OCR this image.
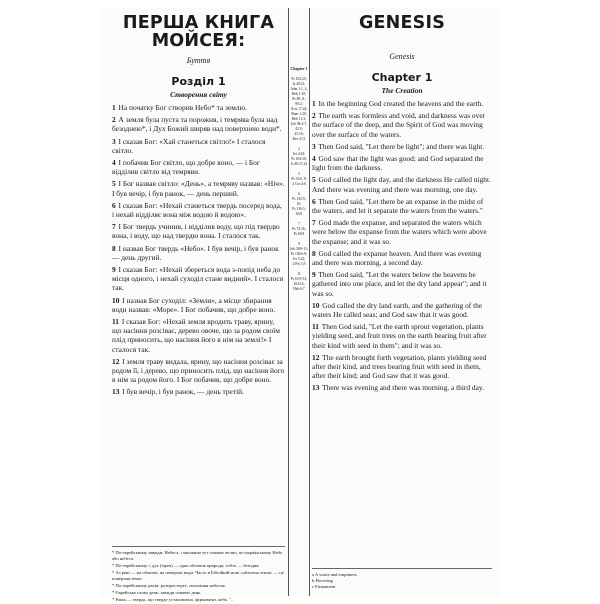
ПЕРША КНИГА МОЙСЕЯ:
Буття
Розділ 1
Створення світу

1 На початку Бог створив Небо* та землю.

2 А земля була пуста та порожня, і темрява була над безоднею*, і Дух Божий ширяв над поверхнею води*.

3 І сказав Бог: «Хай станеться світло!» І сталося світло.

4 І побачив Бог світло, що добре воно, — і Бог відділив світло від темряви.

5 І Бог назвав світло: «День», а темряву назвав: «Ніч». І був вечір, і був ранок, — день перший.

6 І сказав Бог: «Нехай станеться твердь посеред вода, і нехай відділяє вона між водою й водою».

7 І Бог твердь учинив, і відділив воду, що під твердю вона, і воду, що над твердю вона. І сталося так.

8 І назвав Бог твердь «Небо». І був вечір, і був ранок — день другий.

9 І сказав Бог: «Нехай збереться вода з-попід неба до місця одного, і нехай суходіл стане видний». І сталося так.

10 І назвав Бог суходіл: «Земля», а місце збирання води назвав: «Море». І Бог побачив, що добре воно.

11 І сказав Бог: «Нехай земля вродить траву, ярину, що насіння розсіває, дерево овоче, що за родом своїм плід приносить, що насіння його в нім на землі!» І сталося так.

12 І земля траву видала, ярину, що насіння розсіває за родом її, і дерево, що приносить плід, що насіння його в нім за родом його. І Бог побачив, що добре воно.

13 І був вечір, і був ранок, — день третій.

Chapter 1
Ps 102:25;
Is 40:21;
John 1:1, 2;
Heb 1:10;
Ps 89:11;
90:2;
Acts 17:24;
Rom 1:20;
Heb 11:3;
Job 38:4-7;
42:5;
45:18;
Rev 4:11

2
Jer 4:23;
Ps 104:30;
Is 40:13,14

3
Ps 33:6, 9;
2 Cor 4:6

6
Ps 145:9;
10;
Ps 136:5;
65:8

7
Ps 74:16;
Ps 65:8

9
Job 38:8-11;
Ps 104:6-9;
Jer 5:22;
2 Pet 3:5

11
Ps 65:9-13;
104:14;
Heb 6:7
GENESIS
Genesis
Chapter 1
The Creation

1 In the beginning God created the heavens and the earth.

2 The earth was formless and void, and darkness was over the surface of the deep, and the Spirit of God was moving over the surface of the waters.

3 Then God said, "Let there be light"; and there was light.

4 God saw that the light was good; and God separated the light from the darkness.

5 God called the light day, and the darkness He called night. And there was evening and there was morning, one day.

6 Then God said, "Let there be an expanse in the midst of the waters, and let it separate the waters from the waters."

7 God made the expanse, and separated the waters which were below the expanse from the waters which were above the expanse; and it was so.

8 God called the expanse heaven. And there was evening and there was morning, a second day.

9 Then God said, "Let the waters below the heavens be gathered into one place, and let the dry land appear"; and it was so.

10 God called the dry land earth, and the gathering of the waters He called seas; and God saw that it was good.

11 Then God said, "Let the earth sprout vegetation, plants yielding seed, and fruit trees on the earth bearing fruit after their kind with seed in them"; and it was so.

12 The earth brought forth vegetation, plants yielding seed after their kind, and trees bearing fruit with seed in them, after their kind; and God saw that it was good.

13 There was evening and there was morning, a third day.

* По-єврейському завжди: Небеса, і множина тут означає велич, по-українському Небо або небеса.

* По-єврейському: і дух (ізрев) — одне обличчя природи, тобто — безодня.

* Аз рені — на обличчі, на поверхні води. Часто в Біблійній мові «обличчя землі» — це поверхня землі.

* По-єврейському рахія: розпростерте, склепіння небесне.

* Єврейське слово день: завжди означає день.

* Ракія — твердь, що тверде установлено, фірмамент, небо, ''..

a A waste and emptiness

b Hovering

c Firmament
